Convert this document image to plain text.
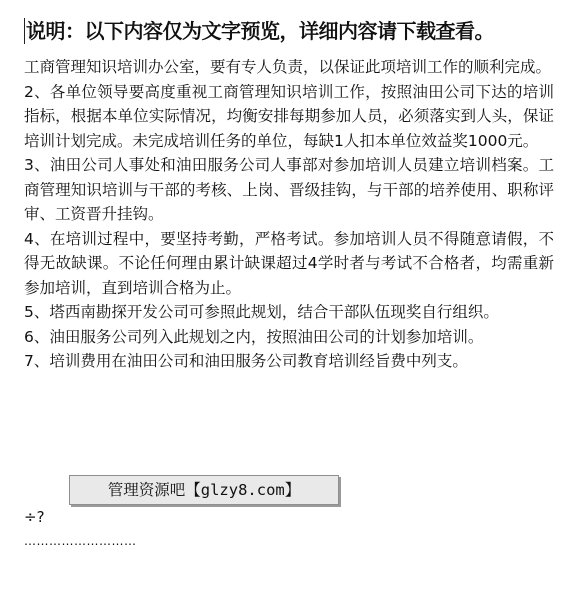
说明：以下内容仅为文字预览，详细内容请下载查看。

工商管理知识培训办公室，要有专人负责，以保证此项培训工作的顺利完成。

2、各单位领导要高度重视工商管理知识培训工作，按照油田公司下达的培训指标，根据本单位实际情况，均衡安排每期参加人员，必须落实到人头，保证培训计划完成。未完成培训任务的单位，每缺1人扣本单位效益奖1000元。

3、油田公司人事处和油田服务公司人事部对参加培训人员建立培训档案。工商管理知识培训与干部的考核、上岗、晋级挂钩，与干部的培养使用、职称评审、工资晋升挂钩。

4、在培训过程中，要坚持考勤，严格考试。参加培训人员不得随意请假，不得无故缺课。不论任何理由累计缺课超过4学时者与考试不合格者，均需重新参加培训，直到培训合格为止。

5、塔西南勘探开发公司可参照此规划，结合干部队伍现奖自行组织。

6、油田服务公司列入此规划之内，按照油田公司的计划参加培训。

7、培训费用在油田公司和油田服务公司教育培训经旨费中列支。

÷?
………………………
管理资源吧【glzy8.com】
